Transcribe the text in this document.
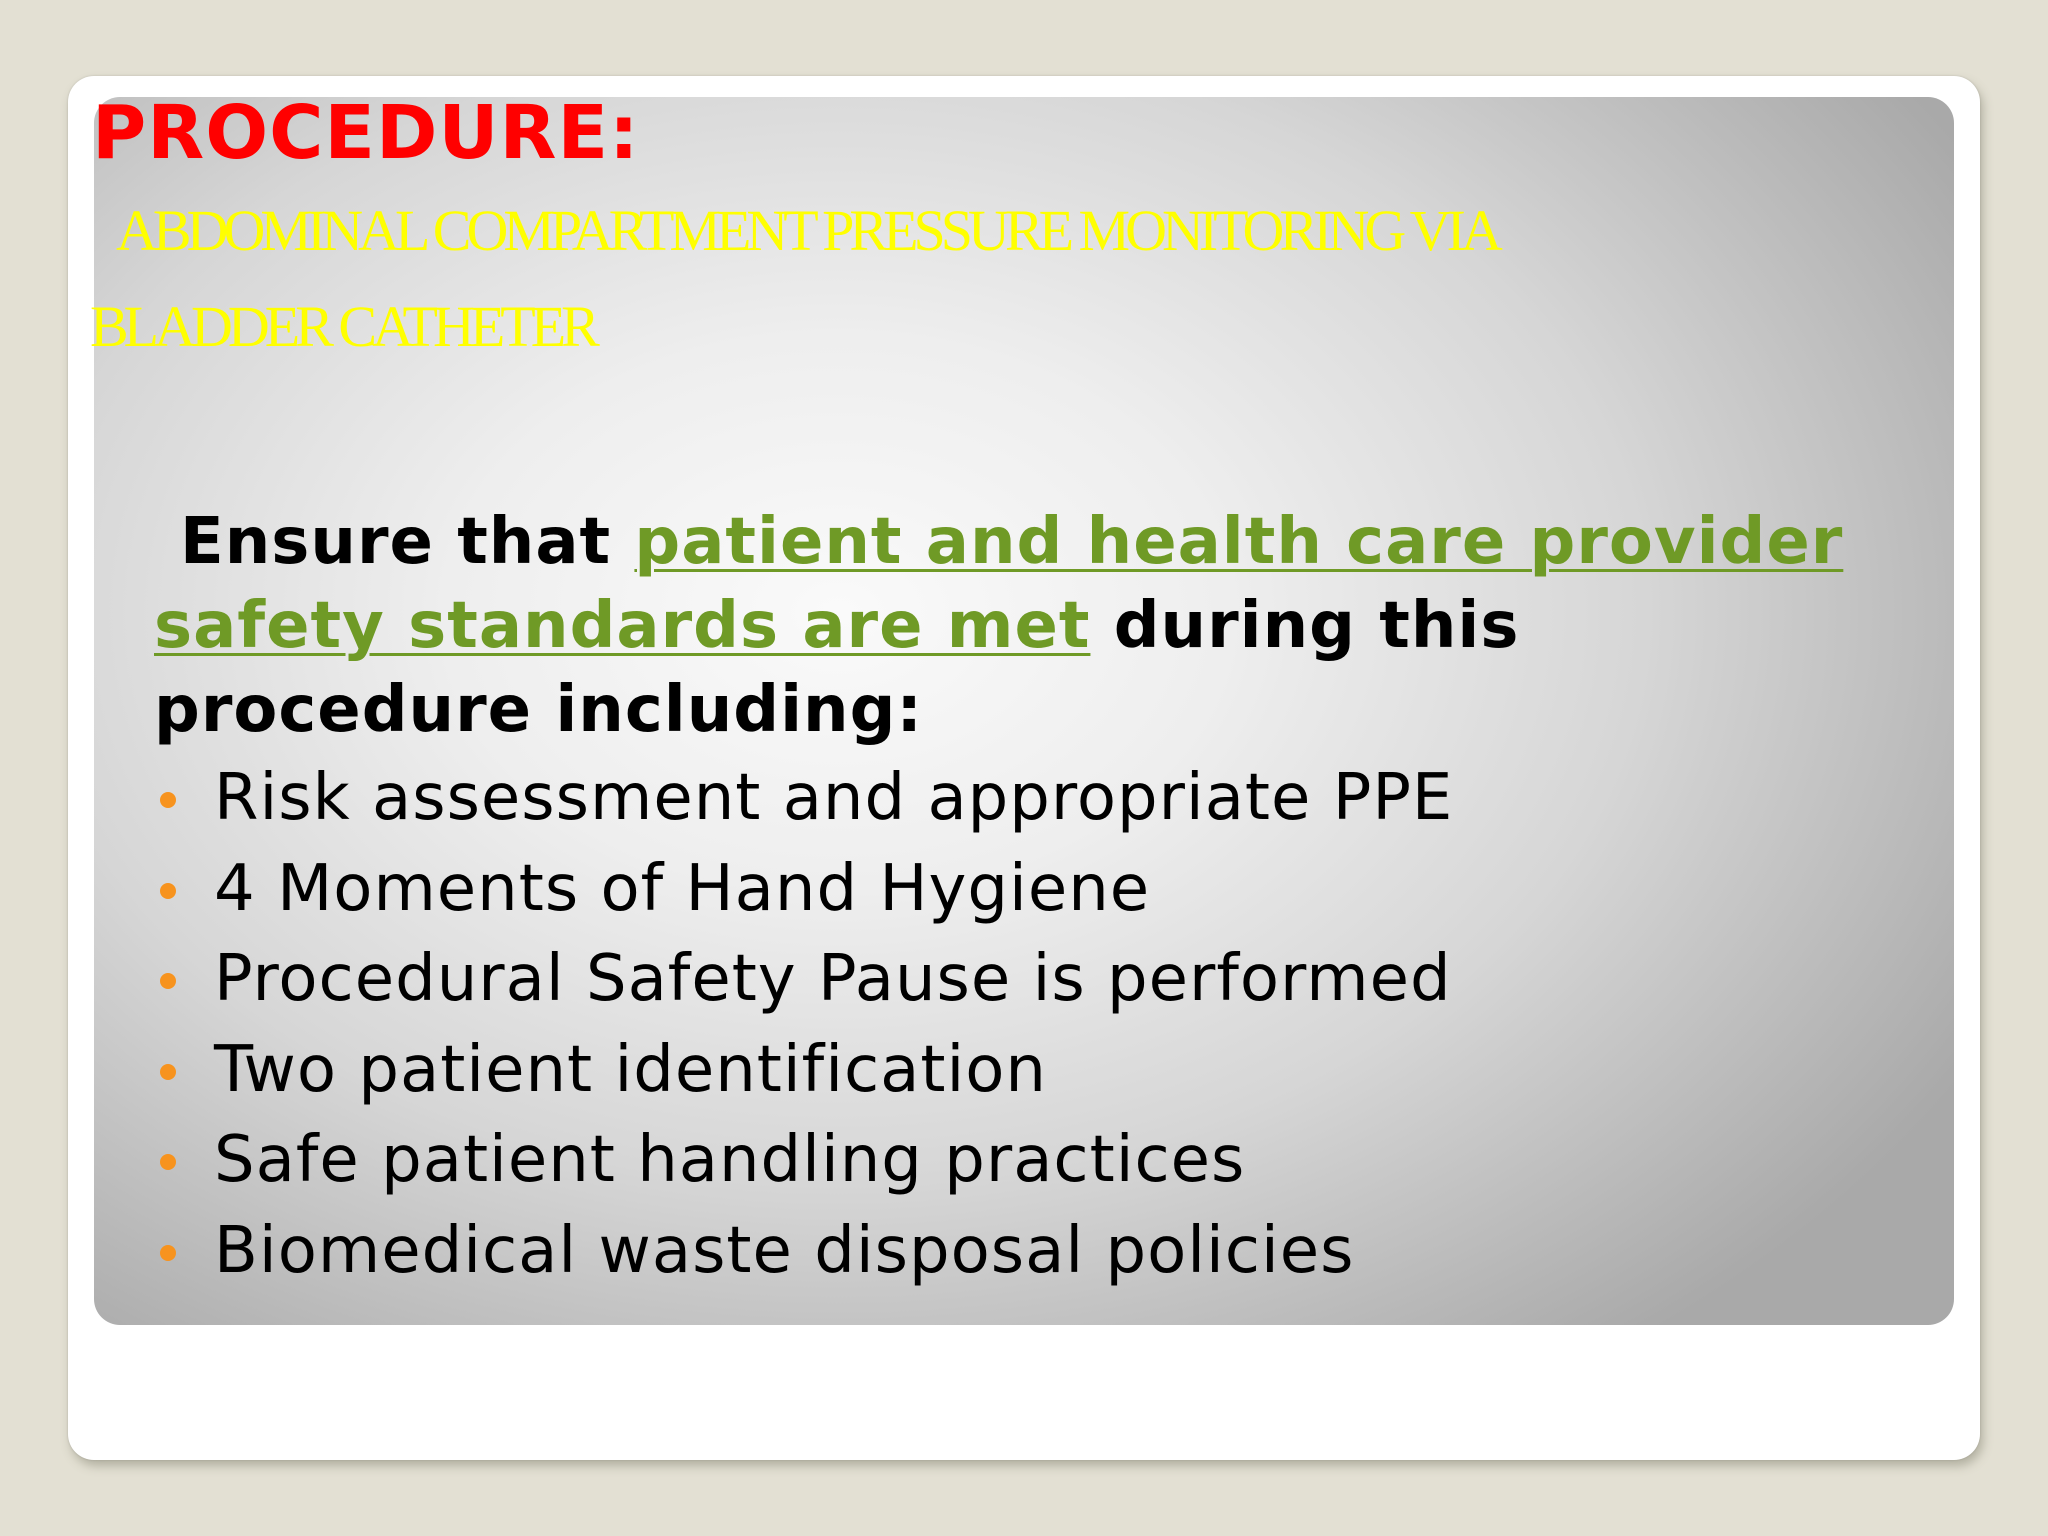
PROCEDURE:
ABDOMINAL COMPARTMENT PRESSURE MONITORING VIA
BLADDER CATHETER

Ensure that patient and health care provider safety standards are met during this procedure including:

Risk assessment and appropriate PPE
4 Moments of Hand Hygiene
Procedural Safety Pause is performed
Two patient identification
Safe patient handling practices
Biomedical waste disposal policies
